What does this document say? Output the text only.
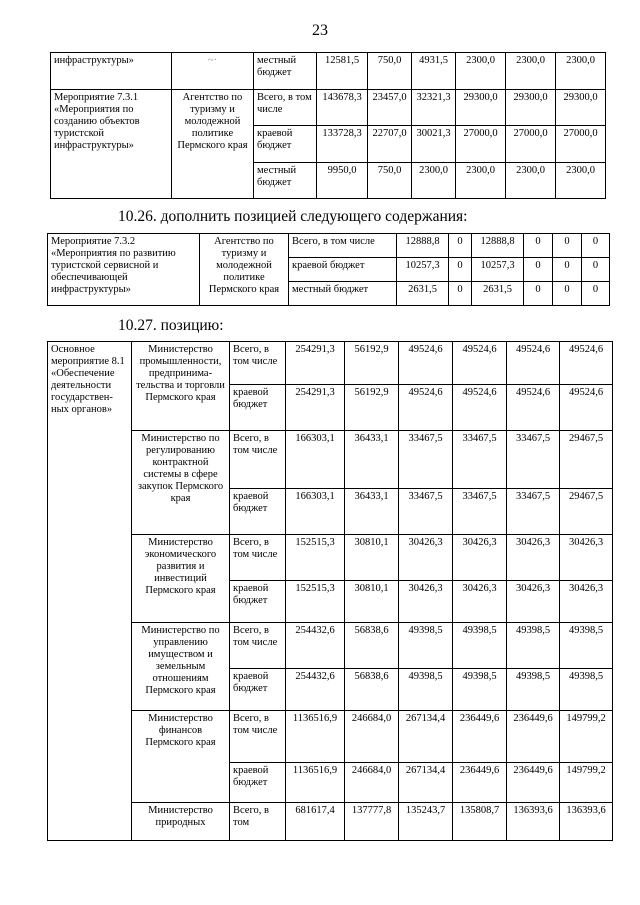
23
инфраструктуры»	~·	местный бюджет	12581,5	750,0	4931,5	2300,0	2300,0	2300,0
Мероприятие 7.3.1 «Мероприятия по созданию объектов туристской инфраструктуры»	Агентство по туризму и молодежной политике Пермского края	Всего, в том числе	143678,3	23457,0	32321,3	29300,0	29300,0	29300,0
		краевой бюджет	133728,3	22707,0	30021,3	27000,0	27000,0	27000,0
		местный бюджет	9950,0	750,0	2300,0	2300,0	2300,0	2300,0
10.26. дополнить позицией следующего содержания:
Мероприятие 7.3.2 «Мероприятия по развитию туристской сервисной и обеспечивающей инфраструктуры»	Агентство по туризму и молодежной политике Пермского края	Всего, в том числе	12888,8	0	12888,8	0	0	0
		краевой бюджет	10257,3	0	10257,3	0	0	0
		местный бюджет	2631,5	0	2631,5	0	0	0
10.27. позицию:
Основное мероприятие 8.1 «Обеспечение деятельности государствен-ных органов»	Министерство промышленности, предпринима-тельства и торговли Пермского края	Всего, в том числе	254291,3	56192,9	49524,6	49524,6	49524,6	49524,6
		краевой бюджет	254291,3	56192,9	49524,6	49524,6	49524,6	49524,6
	Министерство по регулированию контрактной системы в сфере закупок Пермского края	Всего, в том числе	166303,1	36433,1	33467,5	33467,5	33467,5	29467,5
		краевой бюджет	166303,1	36433,1	33467,5	33467,5	33467,5	29467,5
	Министерство экономического развития и инвестиций Пермского края	Всего, в том числе	152515,3	30810,1	30426,3	30426,3	30426,3	30426,3
		краевой бюджет	152515,3	30810,1	30426,3	30426,3	30426,3	30426,3
	Министерство по управлению имуществом и земельным отношениям Пермского края	Всего, в том числе	254432,6	56838,6	49398,5	49398,5	49398,5	49398,5
		краевой бюджет	254432,6	56838,6	49398,5	49398,5	49398,5	49398,5
	Министерство финансов Пермского края	Всего, в том числе	1136516,9	246684,0	267134,4	236449,6	236449,6	149799,2
		краевой бюджет	1136516,9	246684,0	267134,4	236449,6	236449,6	149799,2
	Министерство природных	Всего, в том	681617,4	137777,8	135243,7	135808,7	136393,6	136393,6
